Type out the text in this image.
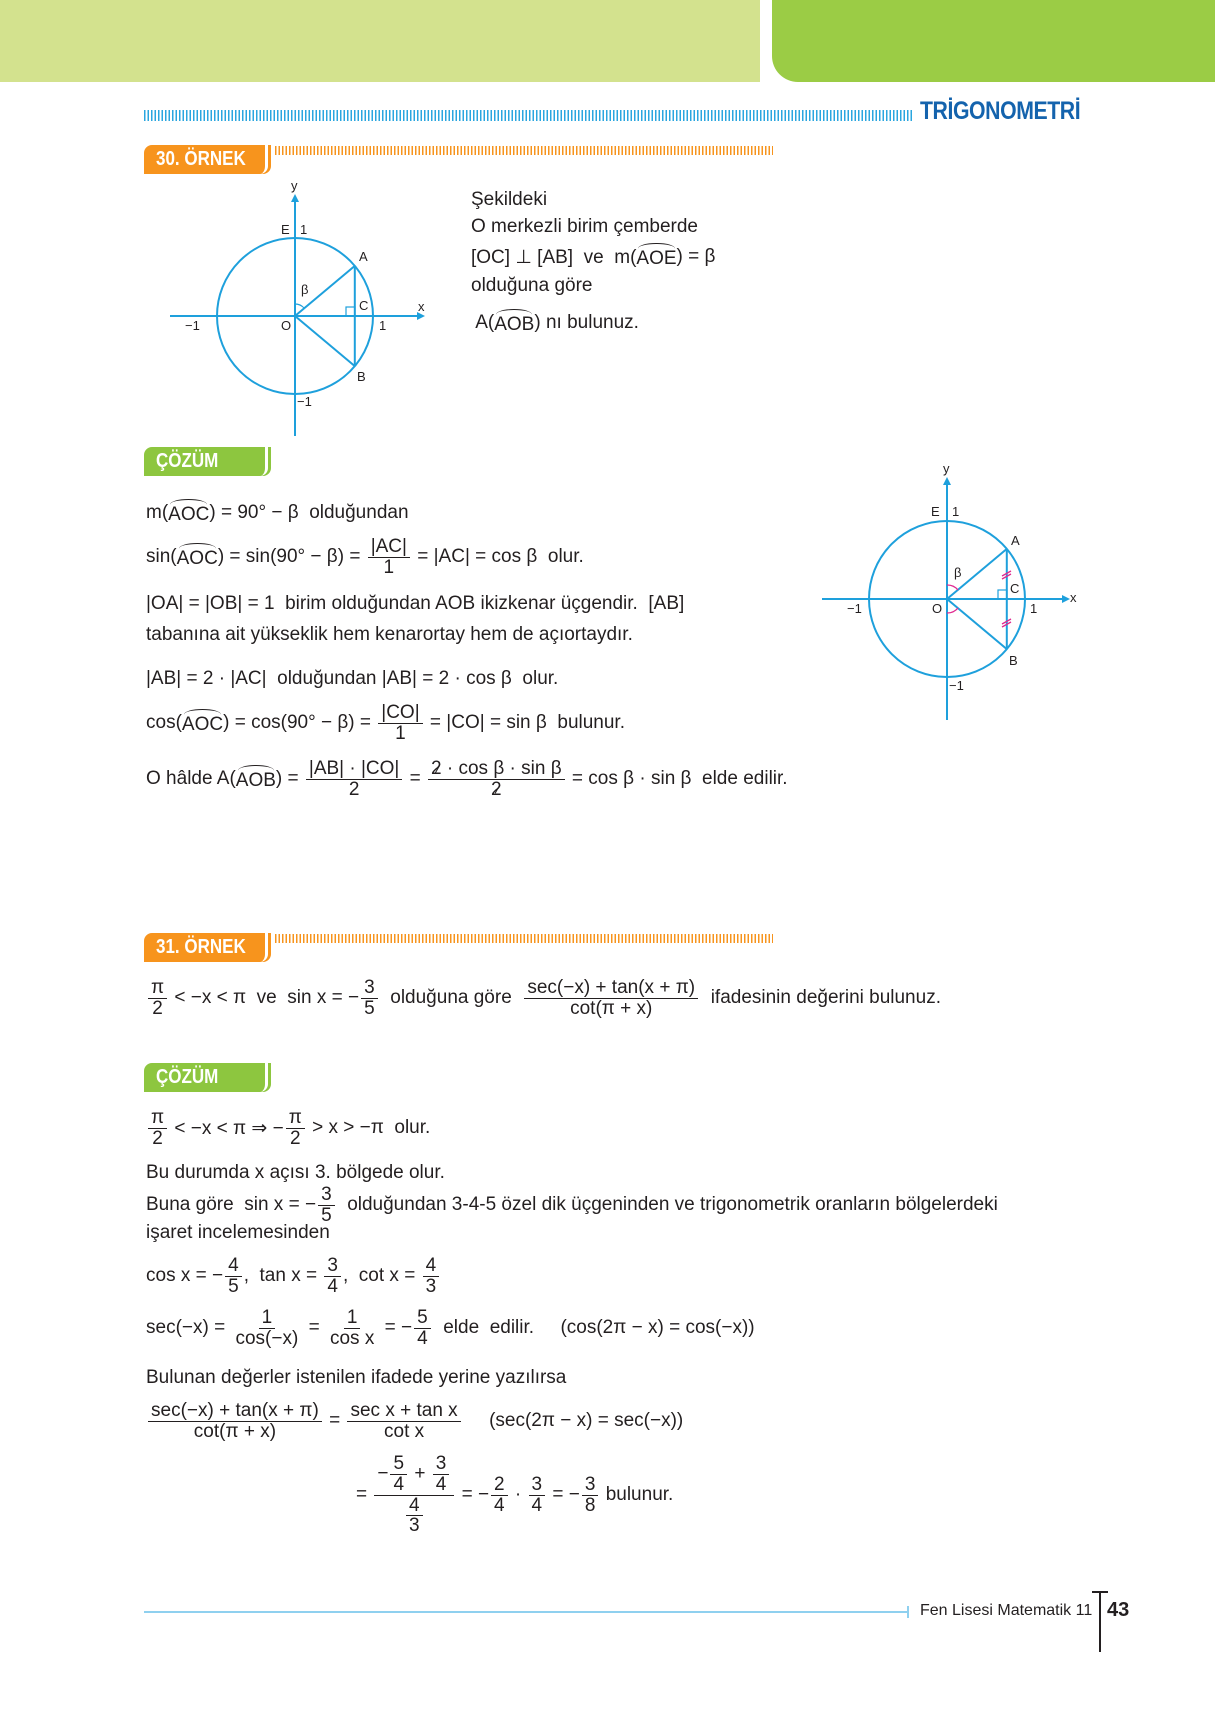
TRİGONOMETRİ
30. ÖRNEK
y
E 1
A
β
C	x
−1	O	1
B
−1
ÇÖZÜM	y
E 1
A
β
C
x
−1	O	1
B
−1
31. ÖRNEK
ÇÖZÜM
Fen Lisesi Matematik 11 43
Şekildeki
O merkezli birim çemberde
[OC] ⊥ [AB]  ve  m( AOE ) = β
olduğuna göre
A( AOB ) nı bulunuz.
m( AOC ) = 90° − β  olduğundan
sin( AOC ) = $\sin(90^\circ - \beta) = \frac{|AC|}{1} = |AC| = \cos \beta$  olur.
|OA| = |OB| = 1  birim olduğundan AOB ikizkenar üçgendir.  [AB]
tabanına ait yükseklik hem kenarortay hem de açıortaydır.
|AB| = 2 · |AC|  olduğundan |AB| = 2 · cos β  olur.
cos( AOC ) = $\cos(90^\circ - \beta) = \frac{|CO|}{1} = |CO| = \sin \beta$  bulunur.
O hâlde A( AOB ) = $\frac{|AB| \cdot |CO|}{2} = \frac{\text{2 · cos β · sin β}}{2} = \cos \beta \cdot \sin \beta$  elde edilir.
$\frac{\pi}{2} < -x < \pi$  ve  sin x = − $\frac{3}{5}$ olduğuna göre $\frac{\sec(-x) + \tan(x + \pi)}{\cot(\pi + x)}$ ifadesinin değerini bulunuz.
$\frac{\pi}{2} < -x < \pi$ ⇒ − $\frac{\pi}{2} > x > -\pi$  olur.
Bu durumda x açısı 3. bölgede olur.
Buna göre  sin x = − $\frac{3}{5}$ olduğundan 3-4-5 özel dik üçgeninden ve trigonometrik oranların bölgelerdeki
işaret incelemesinden
cos x = − $\frac{4}{5}$ ,  $\tan x = \frac{3}{4}$ ,  $\cot x = \frac{4}{3}$
$\sec(-x) = \frac{1}{\cos(-x)} = \frac{1}{\text{cos x}}$ = − $\frac{5}{4}$ elde  edilir.     (cos(2π − x) = cos(−x))
Bulunan değerler istenilen ifadede yerine yazılırsa
$\frac{\sec(-x) + \tan(x + \pi)}{\cot(\pi + x)} = \frac{\text{sec x + tan x}}{\text{cot x}} (\sec(2\pi - x) = \sec(-x))$
= $\frac{- \frac{5}{4} + \frac{3}{4}}{\frac{4}{3}}$ = − $\frac{2}{4} \cdot \frac{3}{4}$ = − $\frac{3}{8}$ bulunur.
